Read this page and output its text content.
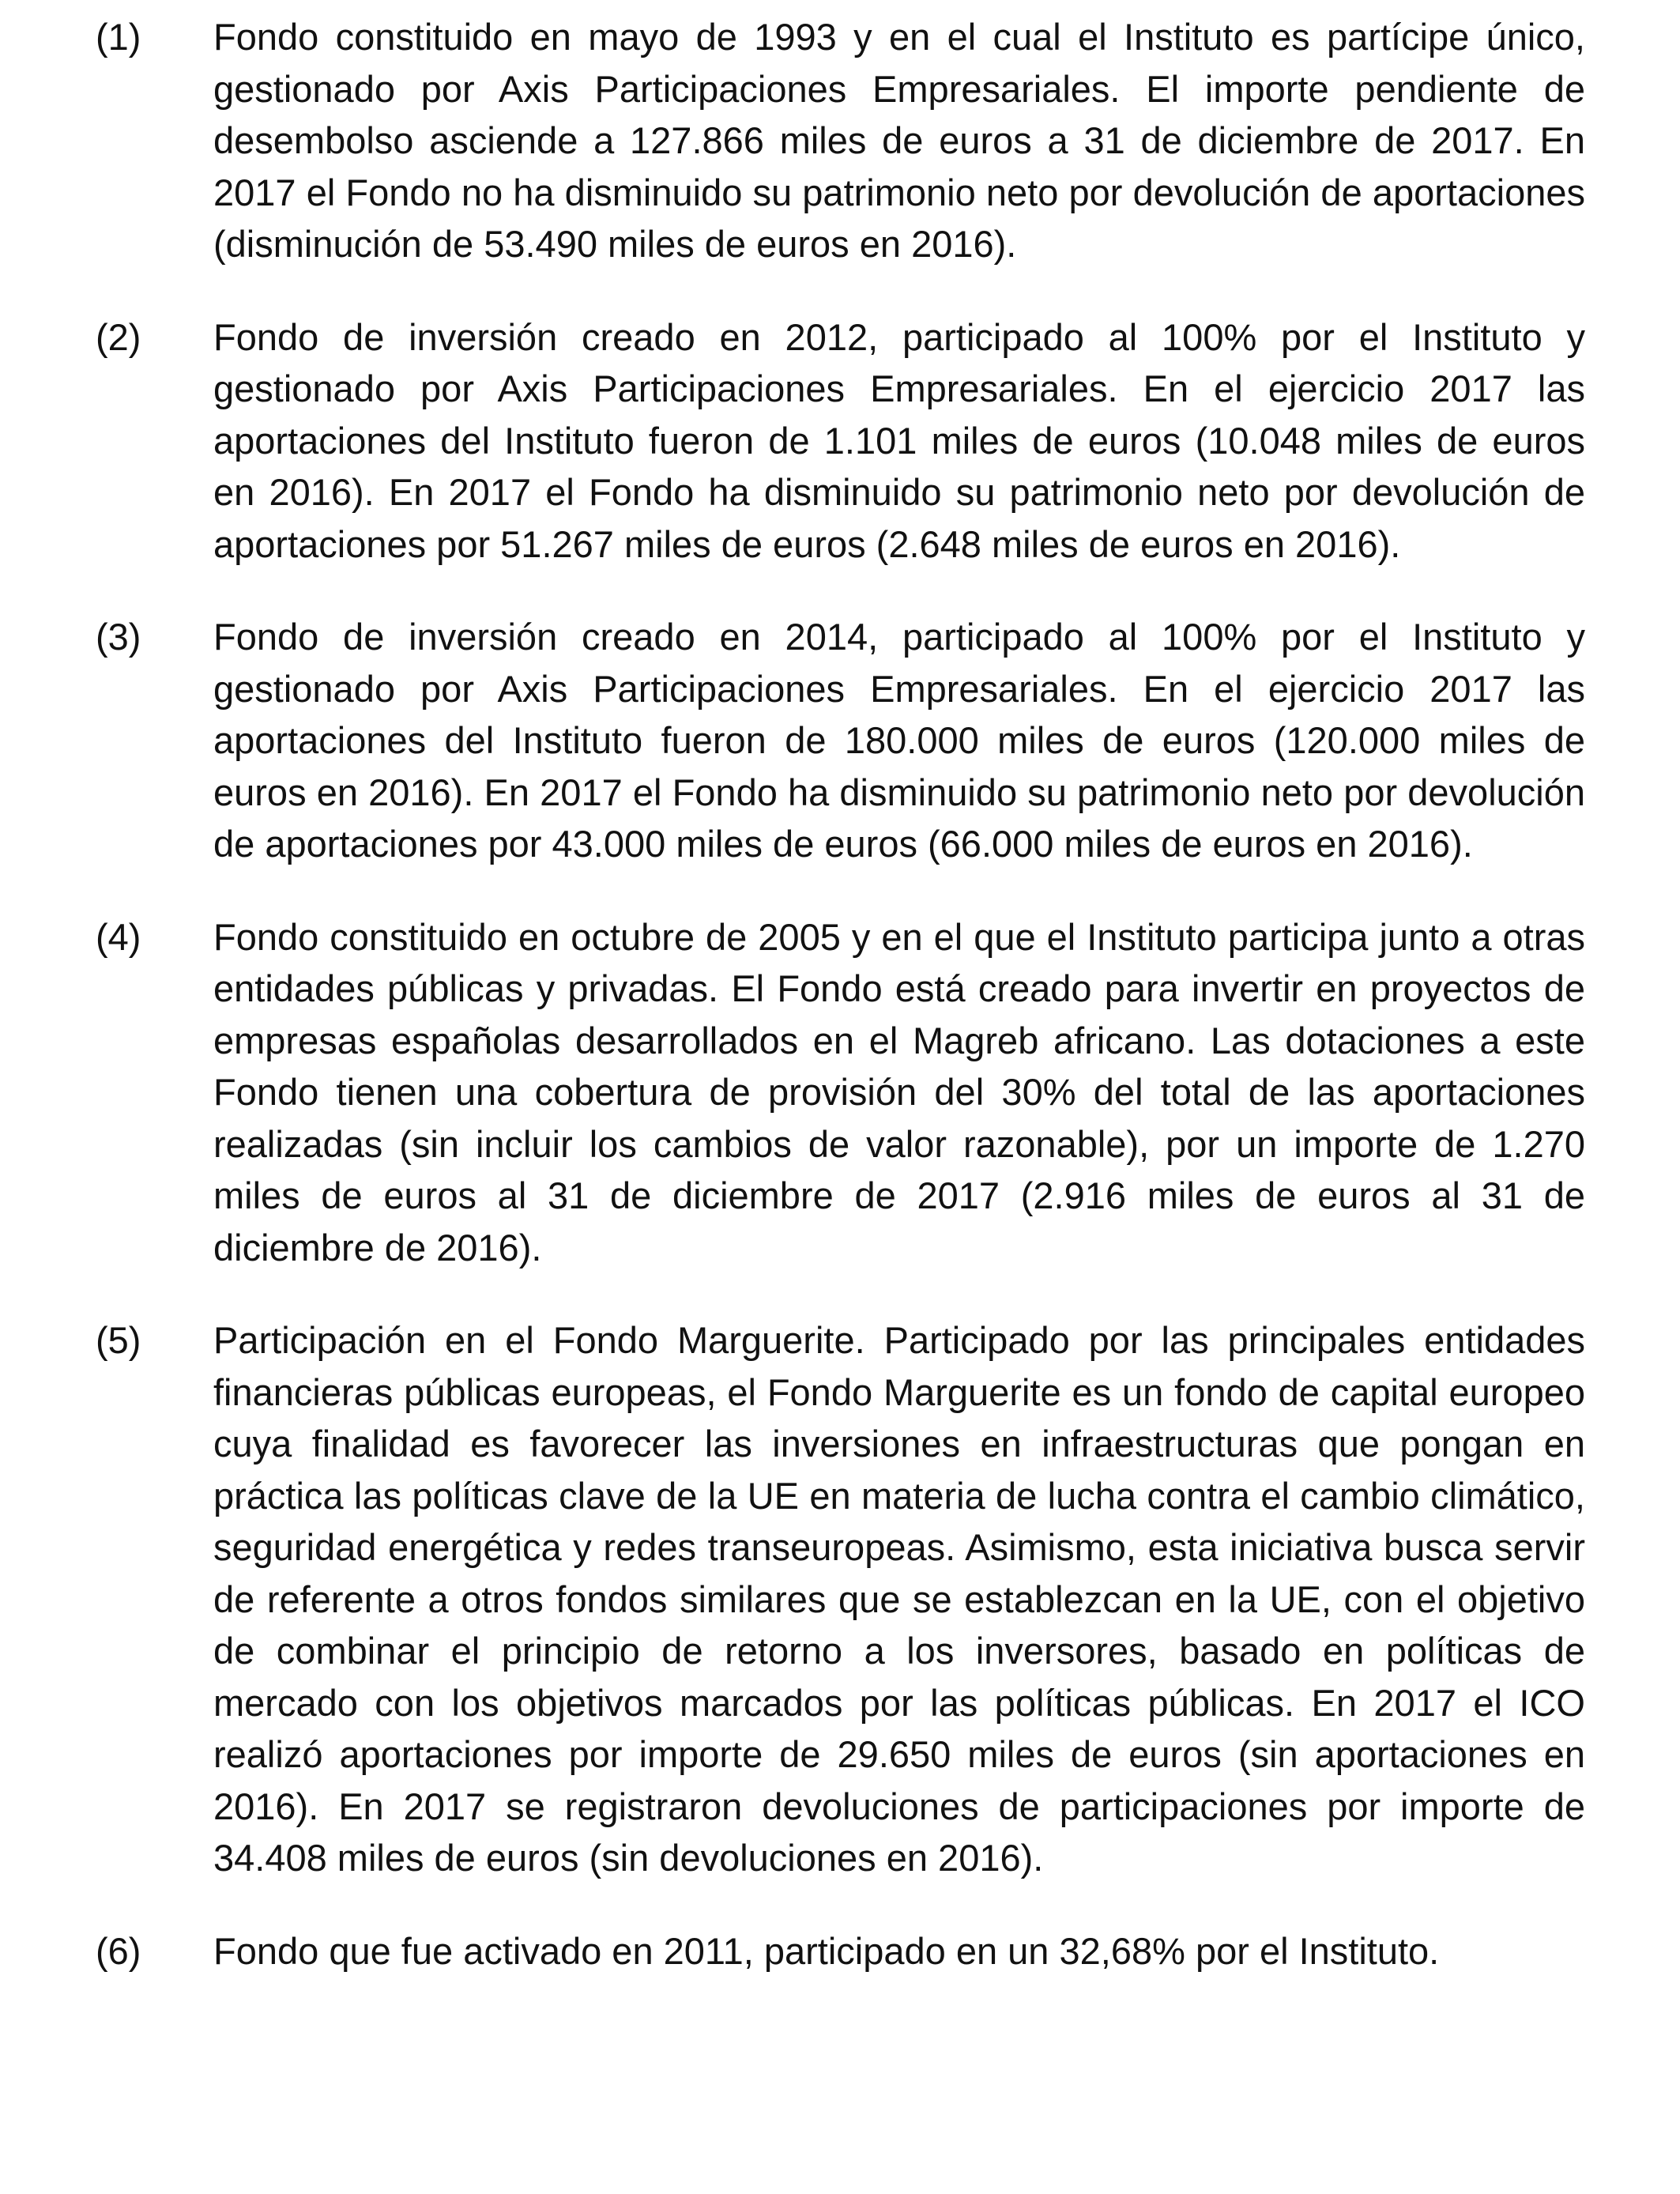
(1)	Fondo constituido en mayo de 1993 y en el cual el Instituto es partícipe único, gestionado por Axis Participaciones Empresariales. El importe pendiente de desembolso asciende a 127.866 miles de euros a 31 de diciembre de 2017. En 2017 el Fondo no ha disminuido su patrimonio neto por devolución de aportaciones (disminución de 53.490 miles de euros en 2016).
(2)	Fondo de inversión creado en 2012, participado al 100% por el Instituto y gestionado por Axis Participaciones Empresariales. En el ejercicio 2017 las aportaciones del Instituto fueron de 1.101 miles de euros (10.048 miles de euros en 2016). En 2017 el Fondo ha disminuido su patrimonio neto por devolución de aportaciones por 51.267 miles de euros (2.648 miles de euros en 2016).
(3)	Fondo de inversión creado en 2014, participado al 100% por el Instituto y gestionado por Axis Participaciones Empresariales. En el ejercicio 2017 las aportaciones del Instituto fueron de 180.000 miles de euros (120.000 miles de euros en 2016). En 2017 el Fondo ha disminuido su patrimonio neto por devolución de aportaciones por 43.000 miles de euros (66.000 miles de euros en 2016).
(4)	Fondo constituido en octubre de 2005 y en el que el Instituto participa junto a otras entidades públicas y privadas. El Fondo está creado para invertir en proyectos de empresas españolas desarrollados en el Magreb africano. Las dotaciones a este Fondo tienen una cobertura de provisión del 30% del total de las aportaciones realizadas (sin incluir los cambios de valor razonable), por un importe de 1.270 miles de euros al 31 de diciembre de 2017 (2.916 miles de euros al 31 de diciembre de 2016).
(5)	Participación en el Fondo Marguerite. Participado por las principales entidades financieras públicas europeas, el Fondo Marguerite es un fondo de capital europeo cuya finalidad es favorecer las inversiones en infraestructuras que pongan en práctica las políticas clave de la UE en materia de lucha contra el cambio climático, seguridad energética y redes transeuropeas. Asimismo, esta iniciativa busca servir de referente a otros fondos similares que se establezcan en la UE, con el objetivo de combinar el principio de retorno a los inversores, basado en políticas de mercado con los objetivos marcados por las políticas públicas. En 2017 el ICO realizó aportaciones por importe de 29.650 miles de euros (sin aportaciones en 2016). En 2017 se registraron devoluciones de participaciones por importe de 34.408 miles de euros (sin devoluciones en 2016).
(6)	Fondo que fue activado en 2011, participado en un 32,68% por el Instituto.
